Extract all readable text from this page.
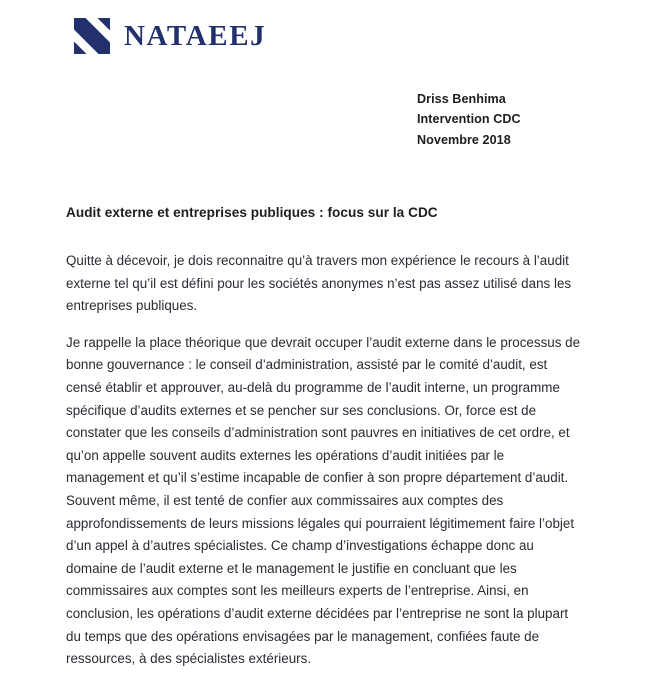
NATAEEJ
Driss Benhima
Intervention CDC
Novembre 2018
Audit externe et entreprises publiques : focus sur la CDC

Quitte à décevoir, je dois reconnaitre qu’à travers mon expérience le recours à l’audit externe tel qu’il est défini pour les sociétés anonymes n’est pas assez utilisé dans les entreprises publiques.

Je rappelle la place théorique que devrait occuper l’audit externe dans le processus de bonne gouvernance : le conseil d’administration, assisté par le comité d’audit, est censé établir et approuver, au-delà du programme de l’audit interne, un programme spécifique d’audits externes et se pencher sur ses conclusions. Or, force est de constater que les conseils d’administration sont pauvres en initiatives de cet ordre, et qu’on appelle souvent audits externes les opérations d’audit initiées par le management et qu’il s’estime incapable de confier à son propre département d’audit. Souvent même, il est tenté de confier aux commissaires aux comptes des approfondissements de leurs missions légales qui pourraient légitimement faire l’objet d’un appel à d’autres spécialistes. Ce champ d’investigations échappe donc au domaine de l’audit externe et le management le justifie en concluant que les commissaires aux comptes sont les meilleurs experts de l’entreprise. Ainsi, en conclusion, les opérations d’audit externe décidées par l’entreprise ne sont la plupart du temps que des opérations envisagées par le management, confiées faute de ressources, à des spécialistes extérieurs.
